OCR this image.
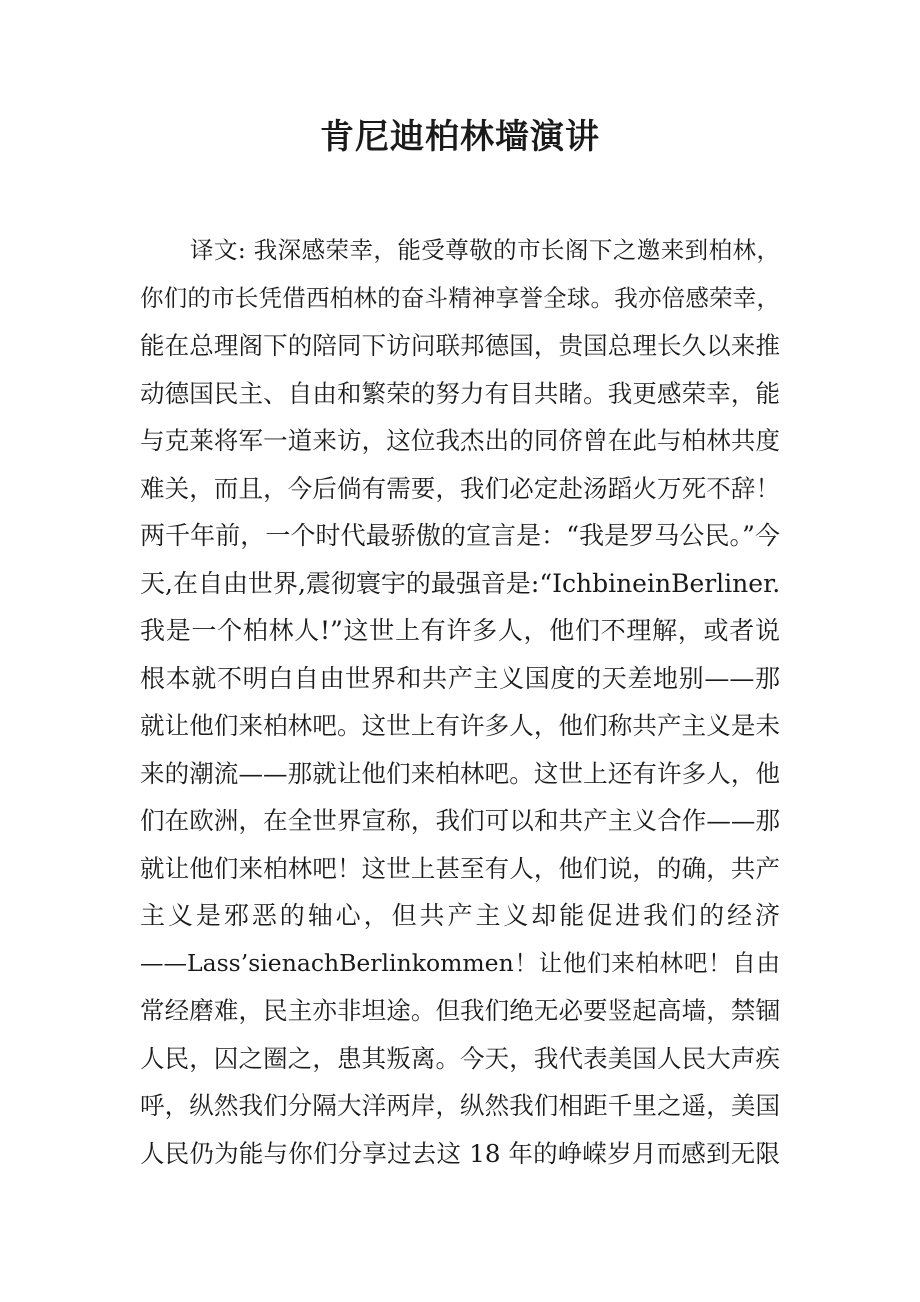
肯尼迪柏林墙演讲
译文: 我深感荣幸，能受尊敬的市长阁下之邀来到柏林，
你们的市长凭借西柏林的奋斗精神享誉全球。我亦倍感荣幸，
能在总理阁下的陪同下访问联邦德国，贵国总理长久以来推
动德国民主、自由和繁荣的努力有目共睹。我更感荣幸，能
与克莱将军一道来访，这位我杰出的同侪曾在此与柏林共度
难关，而且，今后倘有需要，我们必定赴汤蹈火万死不辞！
两千年前，一个时代最骄傲的宣言是：“我是罗马公民。”今
天,在自由世界,震彻寰宇的最强音是:“IchbineinBerliner.
我是一个柏林人!”这世上有许多人，他们不理解，或者说
根本就不明白自由世界和共产主义国度的天差地别——那
就让他们来柏林吧。这世上有许多人，他们称共产主义是未
来的潮流——那就让他们来柏林吧。这世上还有许多人，他
们在欧洲，在全世界宣称，我们可以和共产主义合作——那
就让他们来柏林吧！这世上甚至有人，他们说，的确，共产
主义是邪恶的轴心，但共产主义却能促进我们的经济
——Lass’sienachBerlinkommen！让他们来柏林吧！自由
常经磨难，民主亦非坦途。但我们绝无必要竖起高墙，禁锢
人民，囚之圈之，患其叛离。今天，我代表美国人民大声疾
呼，纵然我们分隔大洋两岸，纵然我们相距千里之遥，美国
人民仍为能与你们分享过去这 18 年的峥嵘岁月而感到无限
